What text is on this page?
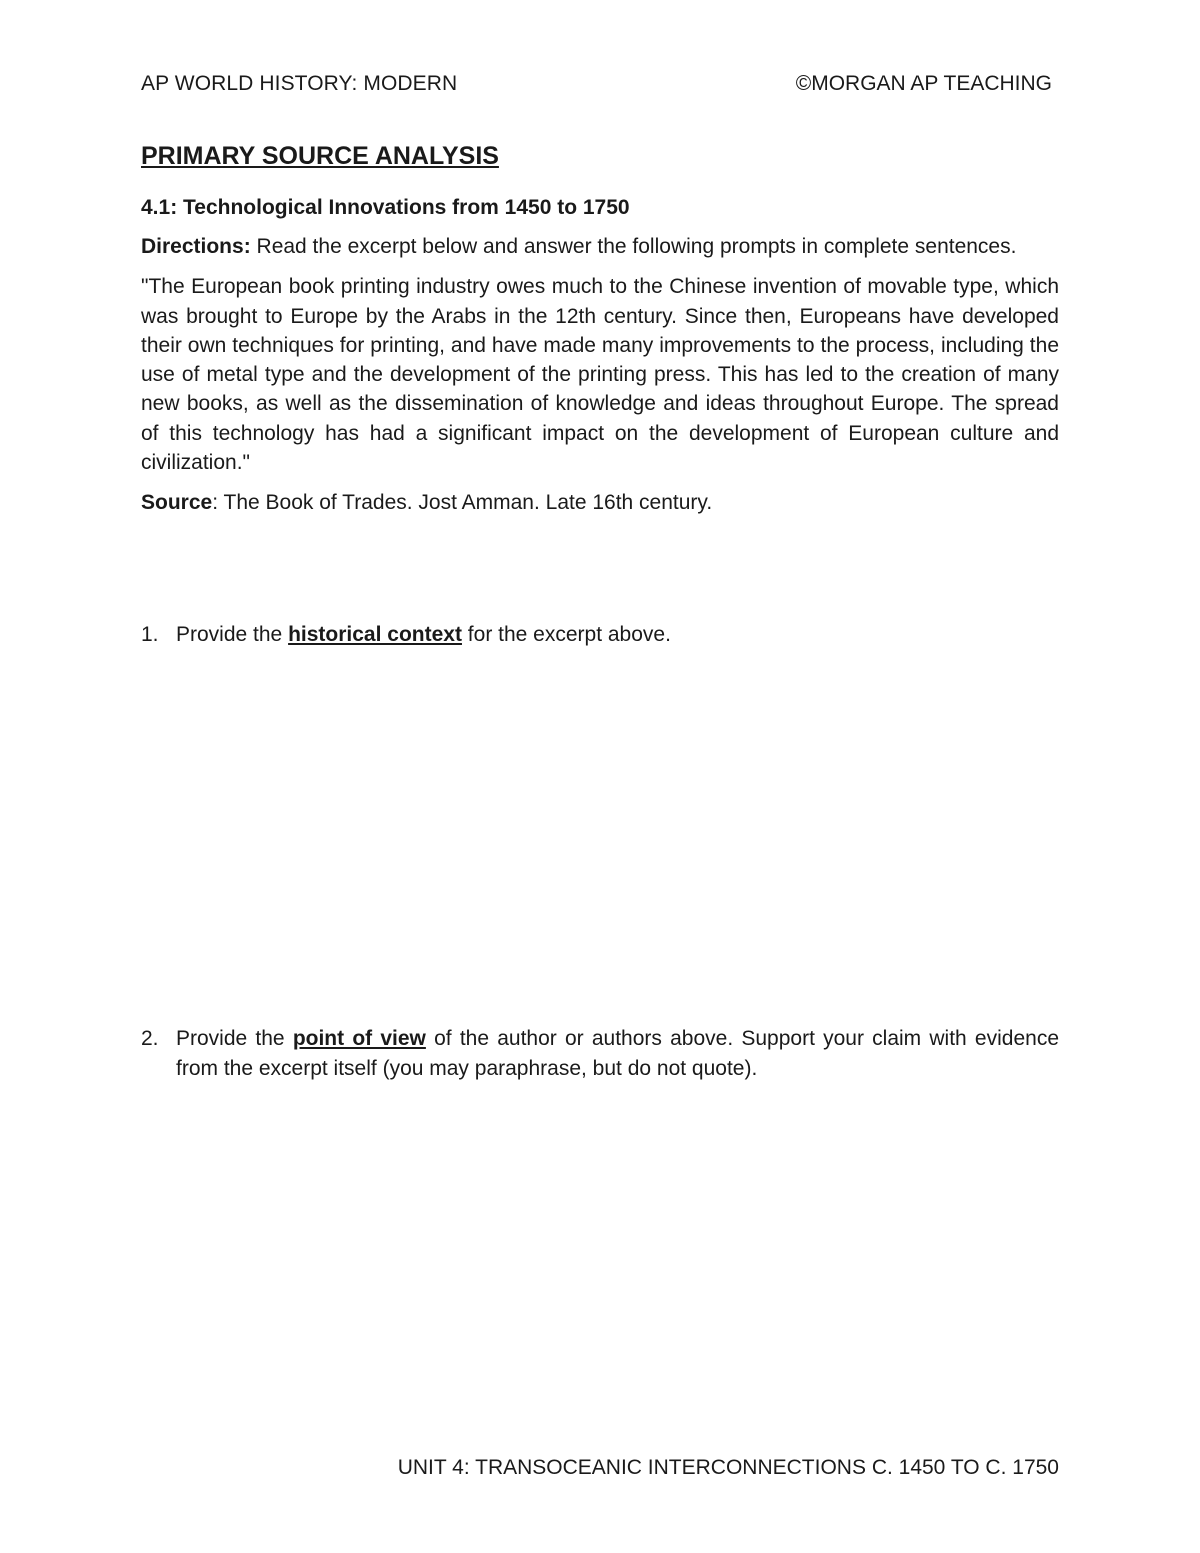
AP WORLD HISTORY: MODERN	©MORGAN AP TEACHING
PRIMARY SOURCE ANALYSIS
4.1: Technological Innovations from 1450 to 1750

Directions: Read the excerpt below and answer the following prompts in complete sentences.

"The European book printing industry owes much to the Chinese invention of movable type, which was brought to Europe by the Arabs in the 12th century. Since then, Europeans have developed their own techniques for printing, and have made many improvements to the process, including the use of metal type and the development of the printing press. This has led to the creation of many new books, as well as the dissemination of knowledge and ideas throughout Europe. The spread of this technology has had a significant impact on the development of European culture and civilization."

Source: The Book of Trades. Jost Amman. Late 16th century.

1. Provide the historical context for the excerpt above.
2. Provide the point of view of the author or authors above. Support your claim with evidence from the excerpt itself (you may paraphrase, but do not quote).
UNIT 4: TRANSOCEANIC INTERCONNECTIONS C. 1450 TO C. 1750
